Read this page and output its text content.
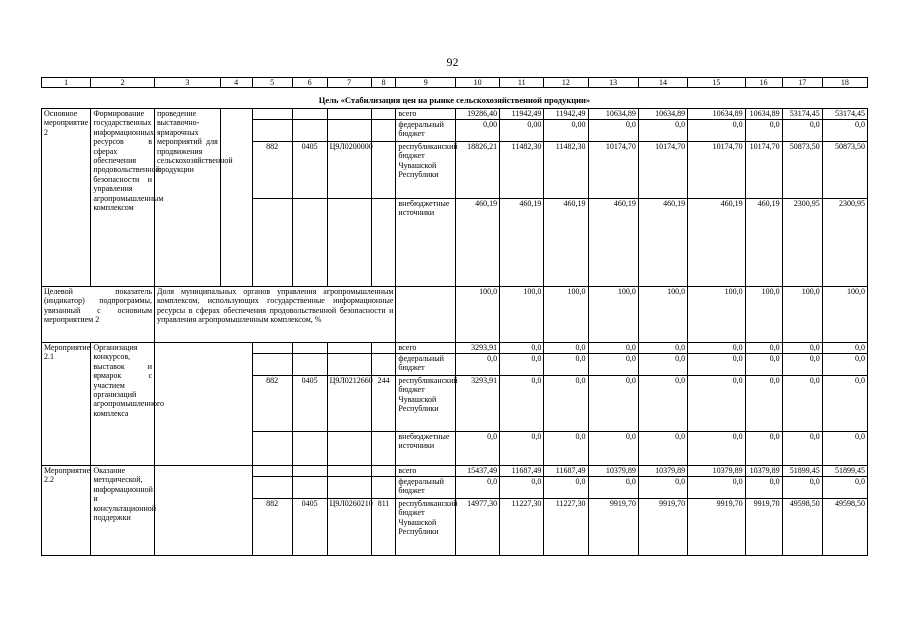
92
1	2	3	4	5	6	7	8	9	10	11	12	13	14	15	16	17	18

Цель «Стабилизация цен на рынке сельскохозяйственной продукции»																	
Основное мероприятие 2	Формирование государственных информационных ресурсов в сферах обеспечения продовольственной безопасности и управления агропромышленным комплексом	проведение выставочно-ярмарочных мероприятий для продвижения сельскохозяйственной продукции						всего	19286,40	11942,49	11942,49	10634,89	10634,89	10634,89	10634,89	53174,45	53174,45
								федеральный бюджет	0,00	0,00	0,00	0,0	0,0	0,0	0,0	0,0	0,0
				882	0405	Ц9Л0200000		республиканский бюджет Чувашской Республики	18826,21	11482,30	11482,30	10174,70	10174,70	10174,70	10174,70	50873,50	50873,50
								внебюджетные источники	460,19	460,19	460,19	460,19	460,19	460,19	460,19	2300,95	2300,95
Целевой показатель (индикатор) подпрограммы, увязанный с основным мероприятием 2		Доля муниципальных органов управления агропромышленным комплексом, использующих государственные информационные ресурсы в сферах обеспечения продовольственной безопасности и управления агропромышленным комплексом, %							100,0	100,0	100,0	100,0	100,0	100,0	100,0	100,0	100,0
Мероприятие 2.1	Организация конкурсов, выставок и ярмарок с участием организаций агропромышленного комплекса							всего	3293,91	0,0	0,0	0,0	0,0	0,0	0,0	0,0	0,0
								федеральный бюджет	0,0	0,0	0,0	0,0	0,0	0,0	0,0	0,0	0,0
				882	0405	Ц9Л0212660	244	республиканский бюджет Чувашской Республики	3293,91	0,0	0,0	0,0	0,0	0,0	0,0	0,0	0,0
								внебюджетные источники	0,0	0,0	0,0	0,0	0,0	0,0	0,0	0,0	0,0
Мероприятие 2.2	Оказание методической, информационной и консультационной поддержки							всего	15437,49	11687,49	11687,49	10379,89	10379,89	10379,89	10379,89	51899,45	51899,45
								федеральный бюджет	0,0	0,0	0,0	0,0	0,0	0,0	0,0	0,0	0,0
				882	0405	Ц9Л0260210	811	республиканский бюджет Чувашской Республики	14977,30	11227,30	11227,30	9919,70	9919,70	9919,70	9919,70	49598,50	49598,50
